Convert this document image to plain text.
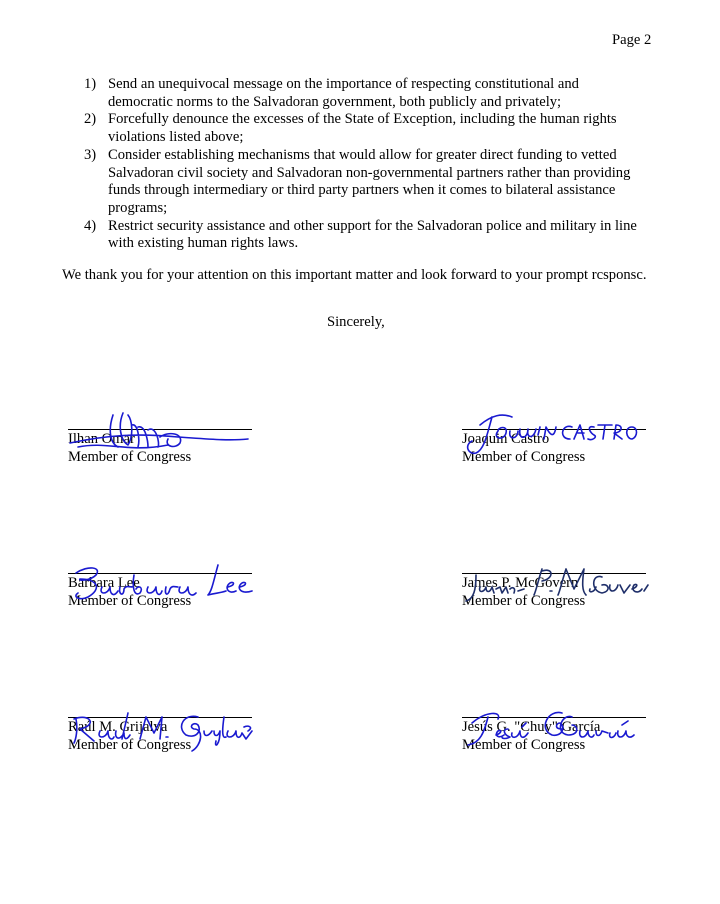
Page 2
1) Send an unequivocal message on the importance of respecting constitutional and democratic norms to the Salvadoran government, both publicly and privately;
2) Forcefully denounce the excesses of the State of Exception, including the human rights violations listed above;
3) Consider establishing mechanisms that would allow for greater direct funding to vetted Salvadoran civil society and Salvadoran non-governmental partners rather than providing funds through intermediary or third party partners when it comes to bilateral assistance programs;
4) Restrict security assistance and other support for the Salvadoran police and military in line with existing human rights laws.
We thank you for your attention on this important matter and look forward to your prompt rcsponsc.
Sincerely,
Ilhan Omar
Member of Congress
Joaquin Castro
Member of Congress
Barbara Lee
Member of Congress
James P. McGovern
Member of Congress
Raúl M. Grijalva
Member of Congress
Jesús G. "Chuy" García
Member of Congress
